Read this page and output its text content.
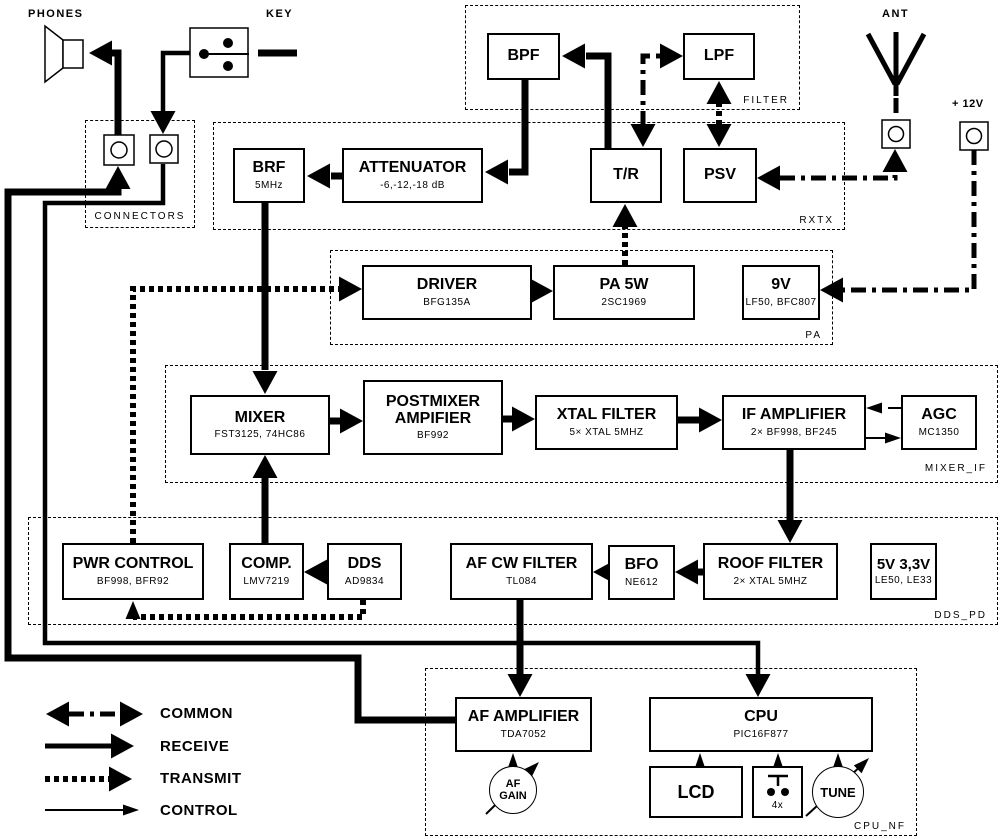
CONNECTORS
FILTER
RXTX
PA
MIXER_IF
DDS_PD
CPU_NF
PHONES	KEY	ANT
+ 12V
BPF	LPF
BRF
5MHz
ATTENUATOR
-6,-12,-18 dB
T/R	PSV
DRIVER
BFG135A
PA 5W
2SC1969
9V
LF50, BFC807
MIXER
FST3125, 74HC86
POSTMIXER AMPIFIER
BF992
XTAL FILTER
5× XTAL 5MHZ
IF AMPLIFIER
2× BF998, BF245
AGC
MC1350
PWR CONTROL
BF998, BFR92
COMP.
LMV7219
DDS
AD9834
AF CW FILTER
TL084
BFO
NE612
ROOF FILTER
2× XTAL 5MHZ
5V 3,3V
LE50, LE33
AF AMPLIFIER
TDA7052
CPU
PIC16F877
LCD
4x
AF GAIN	TUNE
COMMON
RECEIVE
TRANSMIT
CONTROL
